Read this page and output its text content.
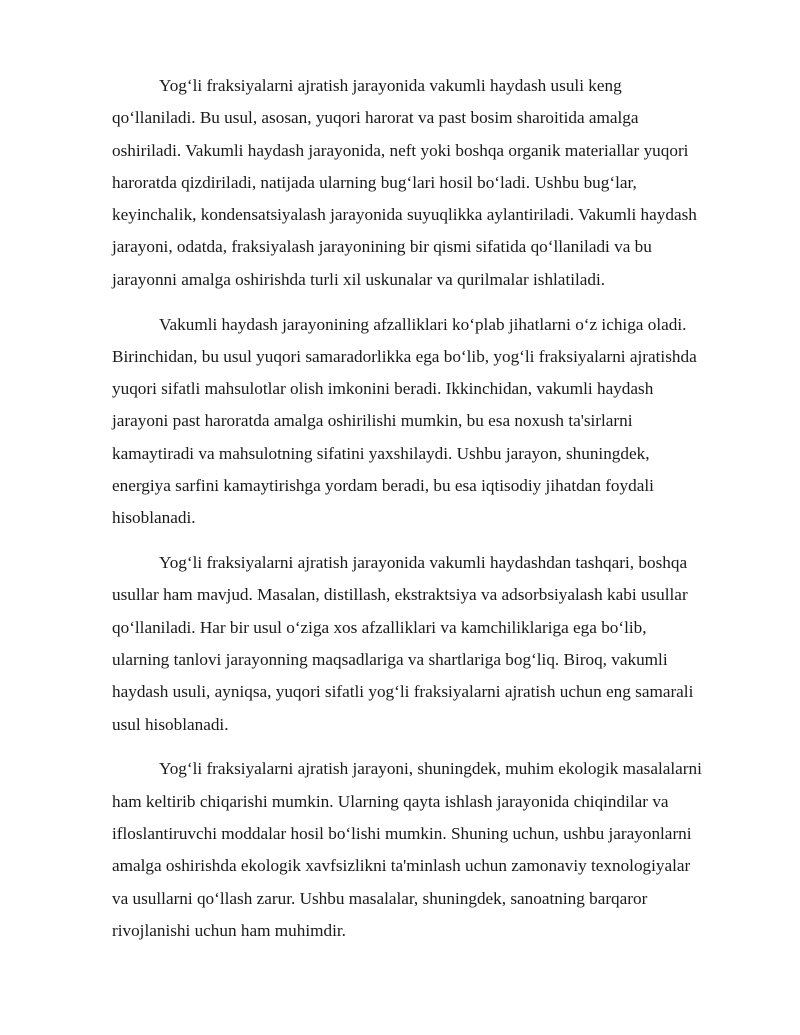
Yog‘li fraksiyalarni ajratish jarayonida vakumli haydash usuli keng
qo‘llaniladi. Bu usul, asosan, yuqori harorat va past bosim sharoitida amalga
oshiriladi. Vakumli haydash jarayonida, neft yoki boshqa organik materiallar yuqori
haroratda qizdiriladi, natijada ularning bug‘lari hosil bo‘ladi. Ushbu bug‘lar,
keyinchalik, kondensatsiyalash jarayonida suyuqlikka aylantiriladi. Vakumli haydash
jarayoni, odatda, fraksiyalash jarayonining bir qismi sifatida qo‘llaniladi va bu
jarayonni amalga oshirishda turli xil uskunalar va qurilmalar ishlatiladi.
Vakumli haydash jarayonining afzalliklari ko‘plab jihatlarni o‘z ichiga oladi.
Birinchidan, bu usul yuqori samaradorlikka ega bo‘lib, yog‘li fraksiyalarni ajratishda
yuqori sifatli mahsulotlar olish imkonini beradi. Ikkinchidan, vakumli haydash
jarayoni past haroratda amalga oshirilishi mumkin, bu esa noxush ta'sirlarni
kamaytiradi va mahsulotning sifatini yaxshilaydi. Ushbu jarayon, shuningdek,
energiya sarfini kamaytirishga yordam beradi, bu esa iqtisodiy jihatdan foydali
hisoblanadi.
Yog‘li fraksiyalarni ajratish jarayonida vakumli haydashdan tashqari, boshqa
usullar ham mavjud. Masalan, distillash, ekstraktsiya va adsorbsiyalash kabi usullar
qo‘llaniladi. Har bir usul o‘ziga xos afzalliklari va kamchiliklariga ega bo‘lib,
ularning tanlovi jarayonning maqsadlariga va shartlariga bog‘liq. Biroq, vakumli
haydash usuli, ayniqsa, yuqori sifatli yog‘li fraksiyalarni ajratish uchun eng samarali
usul hisoblanadi.
Yog‘li fraksiyalarni ajratish jarayoni, shuningdek, muhim ekologik masalalarni
ham keltirib chiqarishi mumkin. Ularning qayta ishlash jarayonida chiqindilar va
ifloslantiruvchi moddalar hosil bo‘lishi mumkin. Shuning uchun, ushbu jarayonlarni
amalga oshirishda ekologik xavfsizlikni ta'minlash uchun zamonaviy texnologiyalar
va usullarni qo‘llash zarur. Ushbu masalalar, shuningdek, sanoatning barqaror
rivojlanishi uchun ham muhimdir.
